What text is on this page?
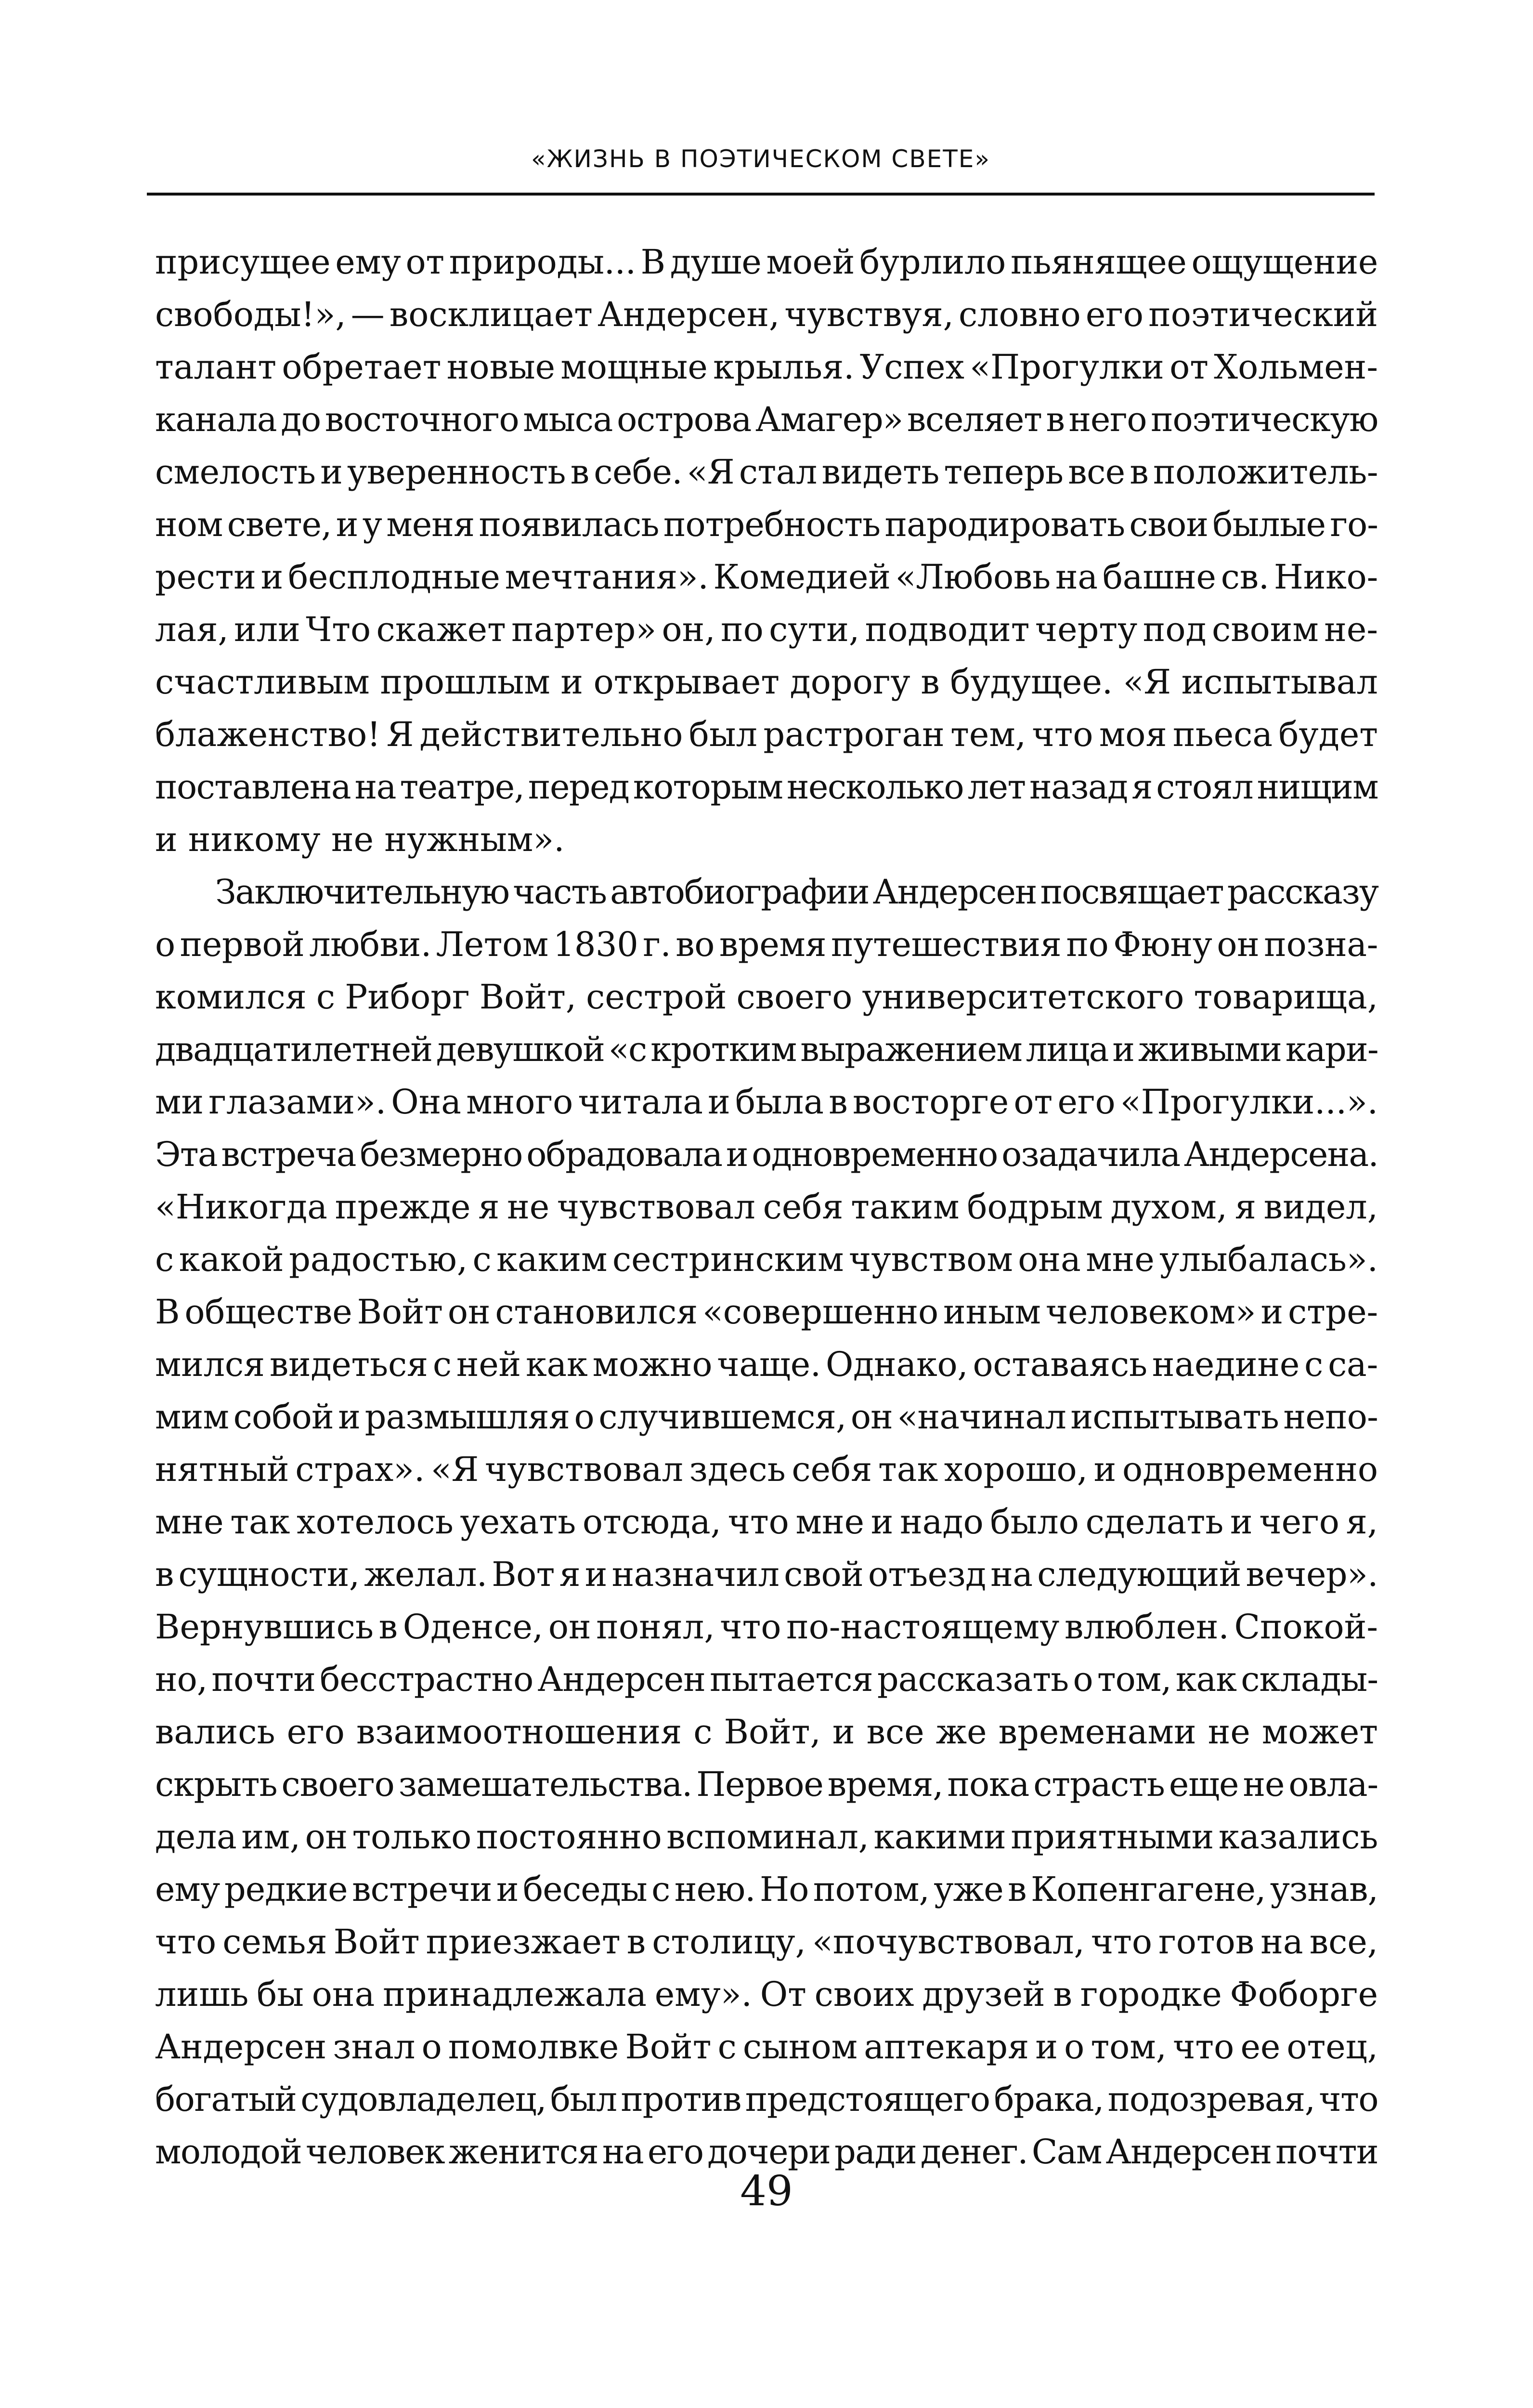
«ЖИЗНЬ В ПОЭТИЧЕСКОМ СВЕТЕ»

присущее ему от природы... В душе моей бурлило пьянящее ощущение
свободы!», — восклицает Андерсен, чувствуя, словно его поэтический
талант обретает новые мощные крылья. Успех «Прогулки от Хольмен-
канала до восточного мыса острова Амагер» вселяет в него поэтическую
смелость и уверенность в себе. «Я стал видеть теперь все в положитель-
ном свете, и у меня появилась потребность пародировать свои былые го-
рести и бесплодные мечтания». Комедией «Любовь на башне св. Нико-
лая, или Что скажет партер» он, по сути, подводит черту под своим не-
счастливым прошлым и открывает дорогу в будущее. «Я испытывал
блаженство! Я действительно был растроган тем, что моя пьеса будет
поставлена на театре, перед которым несколько лет назад я стоял нищим
и никому не нужным».

Заключительную часть автобиографии Андерсен посвящает рассказу
о первой любви. Летом 1830 г. во время путешествия по Фюну он позна-
комился с Риборг Войт, сестрой своего университетского товарища,
двадцатилетней девушкой «с кротким выражением лица и живыми кари-
ми глазами». Она много читала и была в восторге от его «Прогулки...».
Эта встреча безмерно обрадовала и одновременно озадачила Андерсена.
«Никогда прежде я не чувствовал себя таким бодрым духом, я видел,
с какой радостью, с каким сестринским чувством она мне улыбалась».
В обществе Войт он становился «совершенно иным человеком» и стре-
мился видеться с ней как можно чаще. Однако, оставаясь наедине с са-
мим собой и размышляя о случившемся, он «начинал испытывать непо-
нятный страх». «Я чувствовал здесь себя так хорошо, и одновременно
мне так хотелось уехать отсюда, что мне и надо было сделать и чего я,
в сущности, желал. Вот я и назначил свой отъезд на следующий вечер».
Вернувшись в Оденсе, он понял, что по-настоящему влюблен. Спокой-
но, почти бесстрастно Андерсен пытается рассказать о том, как склады-
вались его взаимоотношения с Войт, и все же временами не может
скрыть своего замешательства. Первое время, пока страсть еще не овла-
дела им, он только постоянно вспоминал, какими приятными казались
ему редкие встречи и беседы с нею. Но потом, уже в Копенгагене, узнав,
что семья Войт приезжает в столицу, «почувствовал, что готов на все,
лишь бы она принадлежала ему». От своих друзей в городке Фоборге
Андерсен знал о помолвке Войт с сыном аптекаря и о том, что ее отец,
богатый судовладелец, был против предстоящего брака, подозревая, что
молодой человек женится на его дочери ради денег. Сам Андерсен почти

49
